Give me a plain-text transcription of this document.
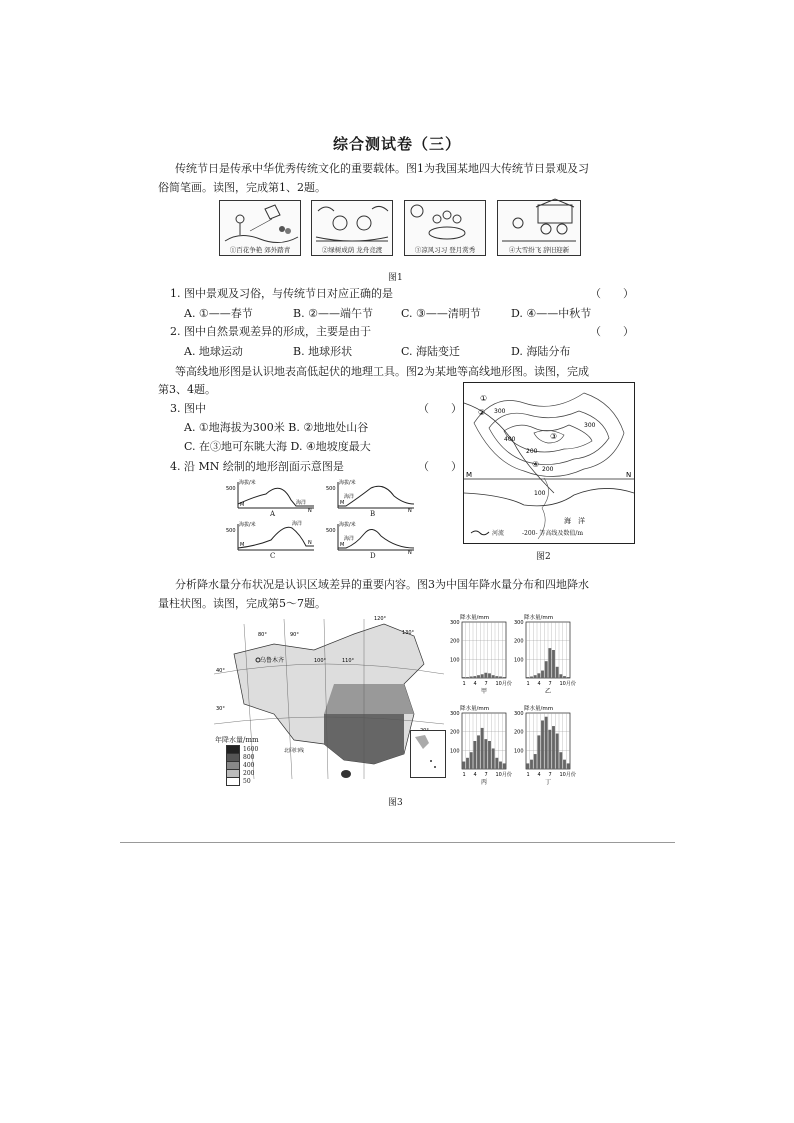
综合测试卷（三）
传统节日是传承中华优秀传统文化的重要载体。图1为我国某地四大传统节日景观及习
俗简笔画。读图，完成第1、2题。
①百花争艳 郊外踏青	②绿树成荫 龙舟竞渡	③凉风习习 登月赏秀	④大雪纷飞 辞旧迎新
图1
1. 图中景观及习俗，与传统节日对应正确的是	（　　）
A. ①——春节	B. ②——端午节	C. ③——清明节	D. ④——中秋节
2. 图中自然景观差异的形成，主要是由于	（　　）
A. 地球运动	B. 地球形状	C. 海陆变迁	D. 海陆分布
等高线地形图是认识地表高低起伏的地理工具。图2为某地等高线地形图。读图，完成
第3、4题。
3. 图中	（　　）
A. ①地海拔为300米 B. ②地地处山谷
C. 在③地可东眺大海 D. ④地坡度最大
4. 沿 MN 绘制的地形剖面示意图是	（　　）
海拔/米
500
M	海洋
N
A
海拔/米
500
M
海洋
N
B
海拔/米
500
M
海洋
N
C
海拔/米
500
M
海洋
N
D
M	N
海　洋
300
400
200
300
200
100
①
②
③
④
河流	-200- 等高线及数值/m
图2
分析降水量分布状况是认识区域差异的重要内容。图3为中国年降水量分布和四地降水
量柱状图。读图，完成第5～7题。
乌鲁木齐
北回归线
80°	90°
100°	110°
120°
130°
40°
30°
年降水量/mm
1600
800
400
200
50
降水量/mm
300
200
100
1 4 7 10月份
甲
降水量/mm
300
200
100
1 4 7 10月份
乙
降水量/mm
300
200
100
1 4 7 10月份
丙
降水量/mm
300
200
100
1 4 7 10月份
丁
图3
